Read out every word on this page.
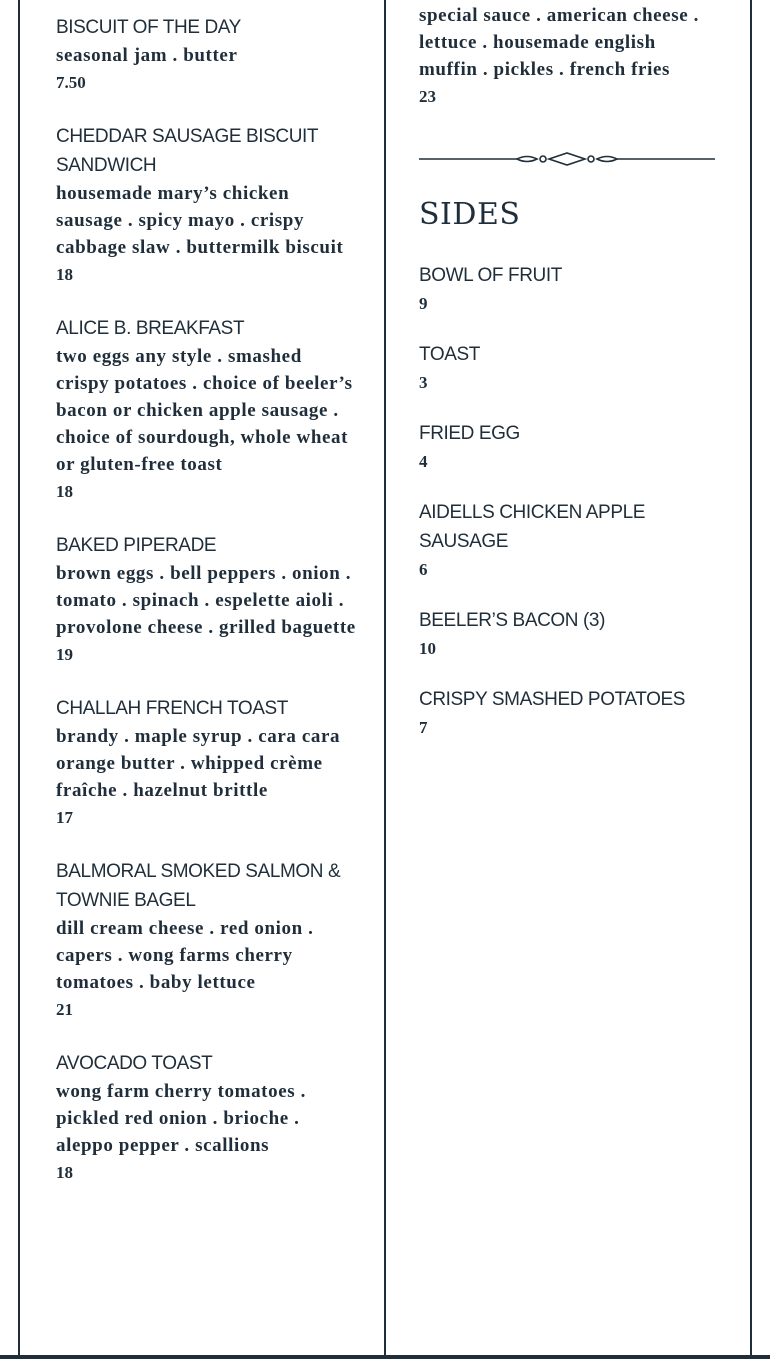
BISCUIT OF THE DAY

seasonal jam . butter

7.50

CHEDDAR SAUSAGE BISCUIT SANDWICH

housemade mary’s chicken sausage . spicy mayo . crispy cabbage slaw . buttermilk biscuit

18

ALICE B. BREAKFAST

two eggs any style . smashed crispy potatoes . choice of beeler’s bacon or chicken apple sausage . choice of sourdough, whole wheat or gluten-free toast

18

BAKED PIPERADE

brown eggs . bell peppers . onion . tomato . spinach . espelette aioli . provolone cheese . grilled baguette

19

CHALLAH FRENCH TOAST

brandy . maple syrup . cara cara orange butter . whipped crème fraîche . hazelnut brittle

17

BALMORAL SMOKED SALMON & TOWNIE BAGEL

dill cream cheese . red onion . capers . wong farms cherry tomatoes . baby lettuce

21

AVOCADO TOAST

wong farm cherry tomatoes . pickled red onion . brioche . aleppo pepper . scallions

18

special sauce . american cheese . lettuce . housemade english muffin . pickles . french fries

23

SIDES

BOWL OF FRUIT

9

TOAST

3

FRIED EGG

4

AIDELLS CHICKEN APPLE SAUSAGE

6

BEELER’S BACON (3)

10

CRISPY SMASHED POTATOES

7
